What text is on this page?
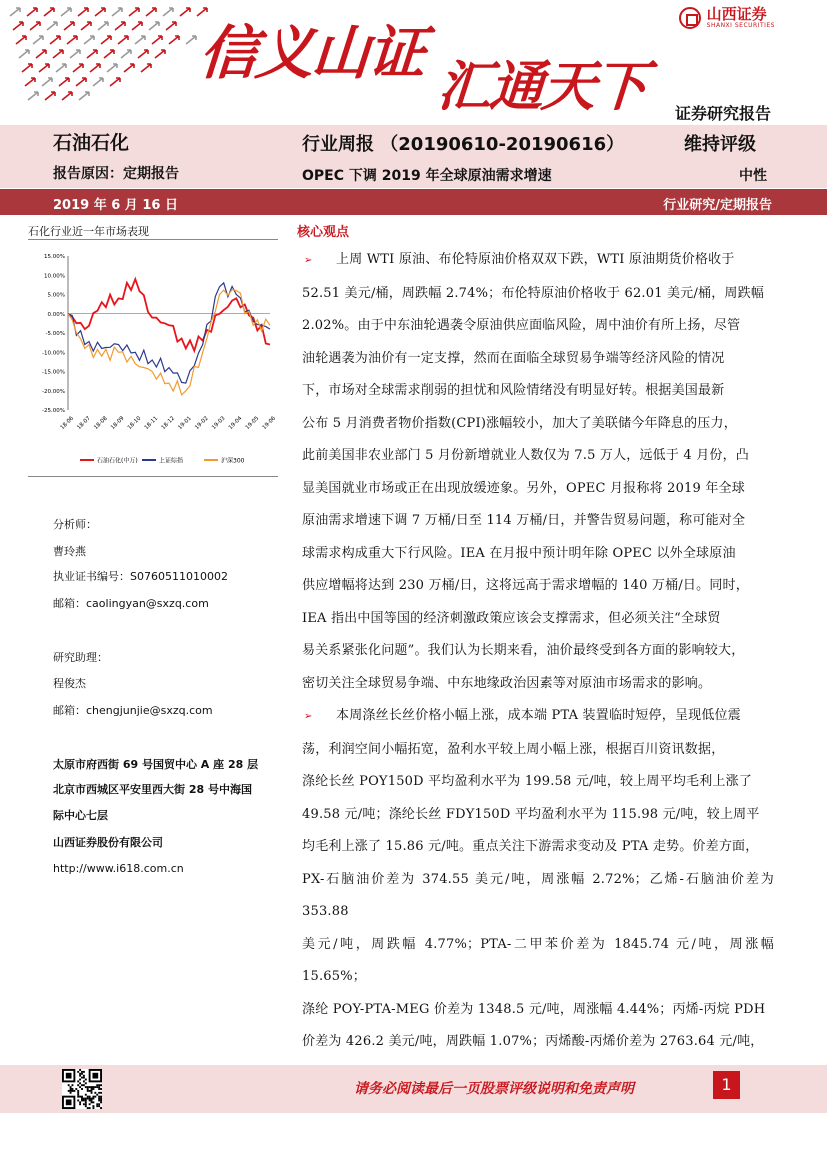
信义山证 汇通天下
山西证券
SHANXI SECURITIES
证券研究报告
石油石化	行业周报 （20190610-20190616）	维持评级
报告原因：定期报告	OPEC 下调 2019 年全球原油需求增速	中性
2019 年 6 月 16 日	行业研究/定期报告
石化行业近一年市场表现
15.00%
10.00%
5.00%
0.00%
-5.00%
-10.00%
-15.00%
-20.00%
-25.00%
18-06 18-07 18-08 18-09 18-10 18-11 18-12 19-01 19-02 19-03 19-04 19-05 19-06
石油石化(中万)	上证综指	沪深300
分析师：
曹玲燕
执业证书编号：S0760511010002
邮箱：caolingyan@sxzq.com
研究助理：
程俊杰
邮箱：chengjunjie@sxzq.com
太原市府西街 69 号国贸中心 A 座 28 层
北京市西城区平安里西大街 28 号中海国
际中心七层
山西证券股份有限公司
http://www.i618.com.cn
核心观点
➢ 上周 WTI 原油、布伦特原油价格双双下跌，WTI 原油期货价格收于
52.51 美元/桶，周跌幅 2.74%；布伦特原油价格收于 62.01 美元/桶，周跌幅
2.02%。由于中东油轮遇袭令原油供应面临风险，周中油价有所上扬，尽管
油轮遇袭为油价有一定支撑，然而在面临全球贸易争端等经济风险的情况
下，市场对全球需求削弱的担忧和风险情绪没有明显好转。根据美国最新
公布 5 月消费者物价指数(CPI)涨幅较小，加大了美联储今年降息的压力，
此前美国非农业部门 5 月份新增就业人数仅为 7.5 万人，远低于 4 月份，凸
显美国就业市场或正在出现放缓迹象。另外，OPEC 月报称将 2019 年全球
原油需求增速下调 7 万桶/日至 114 万桶/日，并警告贸易问题，称可能对全
球需求构成重大下行风险。IEA 在月报中预计明年除 OPEC 以外全球原油
供应增幅将达到 230 万桶/日，这将远高于需求增幅的 140 万桶/日。同时，
IEA 指出中国等国的经济刺激政策应该会支撑需求，但必须关注“全球贸
易关系紧张化问题”。我们认为长期来看，油价最终受到各方面的影响较大，
密切关注全球贸易争端、中东地缘政治因素等对原油市场需求的影响。
➢ 本周涤丝长丝价格小幅上涨，成本端 PTA 装置临时短停，呈现低位震
荡，利润空间小幅拓宽，盈利水平较上周小幅上涨，根据百川资讯数据，
涤纶长丝 POY150D 平均盈利水平为 199.58 元/吨，较上周平均毛利上涨了
49.58 元/吨；涤纶长丝 FDY150D 平均盈利水平为 115.98 元/吨，较上周平
均毛利上涨了 15.86 元/吨。重点关注下游需求变动及 PTA 走势。价差方面，
PX-石脑油价差为 374.55 美元/吨，周涨幅 2.72%；乙烯-石脑油价差为 353.88
美元/吨，周跌幅 4.77%；PTA-二甲苯价差为 1845.74 元/吨，周涨幅 15.65%；
涤纶 POY-PTA-MEG 价差为 1348.5 元/吨，周涨幅 4.44%；丙烯-丙烷 PDH
价差为 426.2 美元/吨，周跌幅 1.07%；丙烯酸-丙烯价差为 2763.64 元/吨，
请务必阅读最后一页股票评级说明和免责声明	1
